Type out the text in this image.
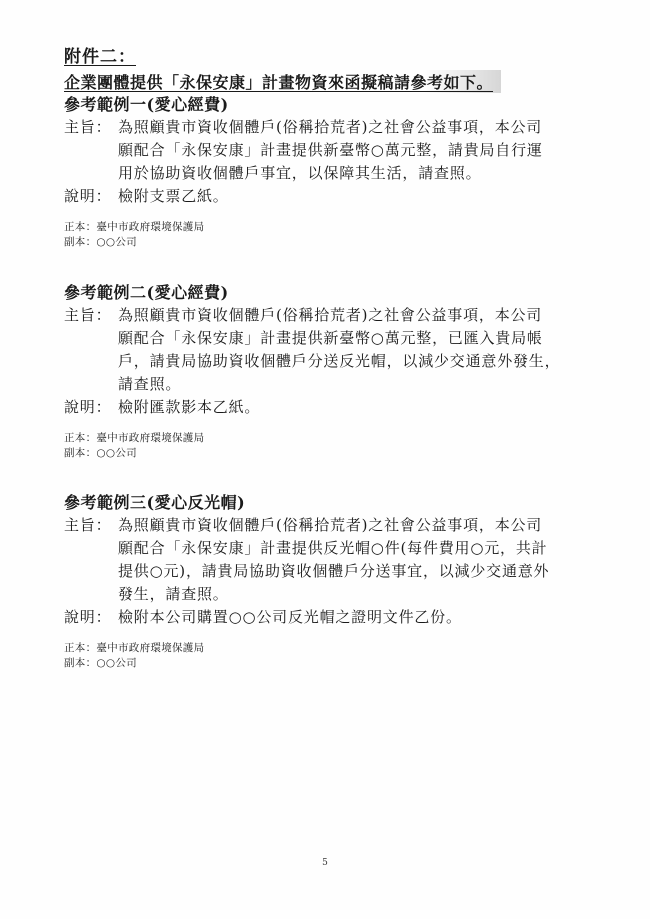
附件二：
企業團體提供「永保安康」計畫物資來函擬稿請參考如下。
參考範例一(愛心經費)
主旨： 為照顧貴市資收個體戶(俗稱拾荒者)之社會公益事項，本公司
願配合「永保安康」計畫提供新臺幣○萬元整，請貴局自行運
用於協助資收個體戶事宜，以保障其生活，請查照。
說明： 檢附支票乙紙。
正本：臺中市政府環境保護局
副本：○○公司
參考範例二(愛心經費)
主旨： 為照顧貴市資收個體戶(俗稱拾荒者)之社會公益事項，本公司
願配合「永保安康」計畫提供新臺幣○萬元整，已匯入貴局帳
戶，請貴局協助資收個體戶分送反光帽，以減少交通意外發生，
請查照。
說明： 檢附匯款影本乙紙。
正本：臺中市政府環境保護局
副本：○○公司
參考範例三(愛心反光帽)
主旨： 為照顧貴市資收個體戶(俗稱拾荒者)之社會公益事項，本公司
願配合「永保安康」計畫提供反光帽○件(每件費用○元，共計
提供○元)，請貴局協助資收個體戶分送事宜，以減少交通意外
發生，請查照。
說明： 檢附本公司購置○○公司反光帽之證明文件乙份。
正本：臺中市政府環境保護局
副本：○○公司
5
